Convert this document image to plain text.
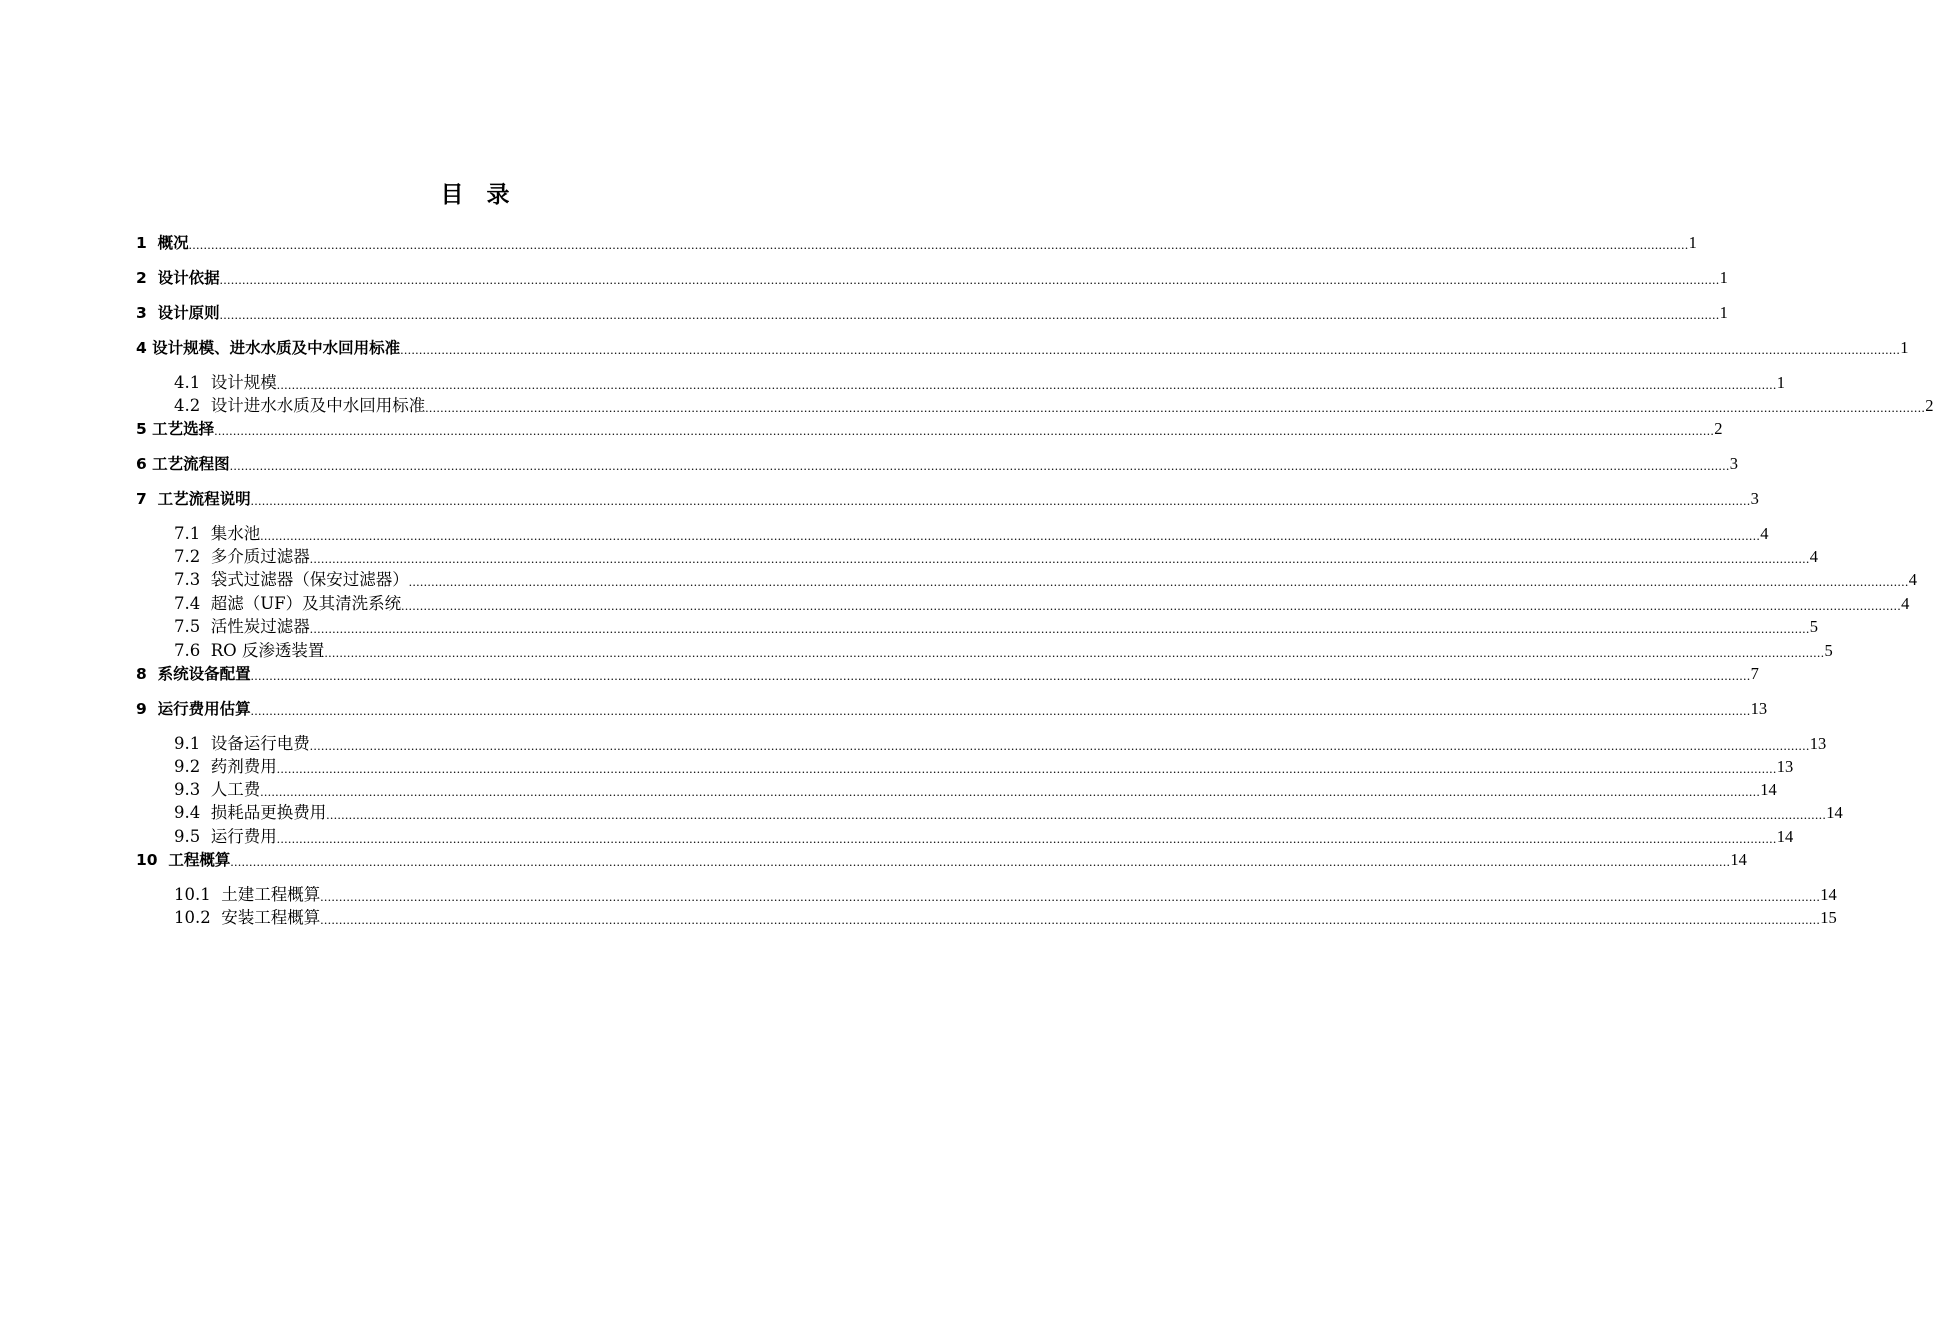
目　录
1  概况 ................................................................................................................................................................................................................................................................................................................................................................................................................ 1
2  设计依据 ................................................................................................................................................................................................................................................................................................................................................................................................................ 1
3  设计原则 ................................................................................................................................................................................................................................................................................................................................................................................................................ 1
4 设计规模、进水水质及中水回用标准 ................................................................................................................................................................................................................................................................................................................................................................................................................ 1
4.1  设计规模 ................................................................................................................................................................................................................................................................................................................................................................................................................ 1
4.2  设计进水水质及中水回用标准 ................................................................................................................................................................................................................................................................................................................................................................................................................ 2
5 工艺选择 ................................................................................................................................................................................................................................................................................................................................................................................................................ 2
6 工艺流程图 ................................................................................................................................................................................................................................................................................................................................................................................................................ 3
7  工艺流程说明 ................................................................................................................................................................................................................................................................................................................................................................................................................ 3
7.1  集水池 ................................................................................................................................................................................................................................................................................................................................................................................................................ 4
7.2  多介质过滤器 ................................................................................................................................................................................................................................................................................................................................................................................................................ 4
7.3  袋式过滤器（保安过滤器） ................................................................................................................................................................................................................................................................................................................................................................................................................ 4
7.4  超滤（UF）及其清洗系统 ................................................................................................................................................................................................................................................................................................................................................................................................................ 4
7.5  活性炭过滤器 ................................................................................................................................................................................................................................................................................................................................................................................................................ 5
7.6  RO 反渗透装置 ................................................................................................................................................................................................................................................................................................................................................................................................................ 5
8  系统设备配置 ................................................................................................................................................................................................................................................................................................................................................................................................................ 7
9  运行费用估算 ................................................................................................................................................................................................................................................................................................................................................................................................................ 13
9.1  设备运行电费 ................................................................................................................................................................................................................................................................................................................................................................................................................ 13
9.2  药剂费用 ................................................................................................................................................................................................................................................................................................................................................................................................................ 13
9.3  人工费 ................................................................................................................................................................................................................................................................................................................................................................................................................ 14
9.4  损耗品更换费用 ................................................................................................................................................................................................................................................................................................................................................................................................................ 14
9.5  运行费用 ................................................................................................................................................................................................................................................................................................................................................................................................................ 14
10  工程概算 ................................................................................................................................................................................................................................................................................................................................................................................................................ 14
10.1  土建工程概算 ................................................................................................................................................................................................................................................................................................................................................................................................................ 14
10.2  安装工程概算 ................................................................................................................................................................................................................................................................................................................................................................................................................ 15
